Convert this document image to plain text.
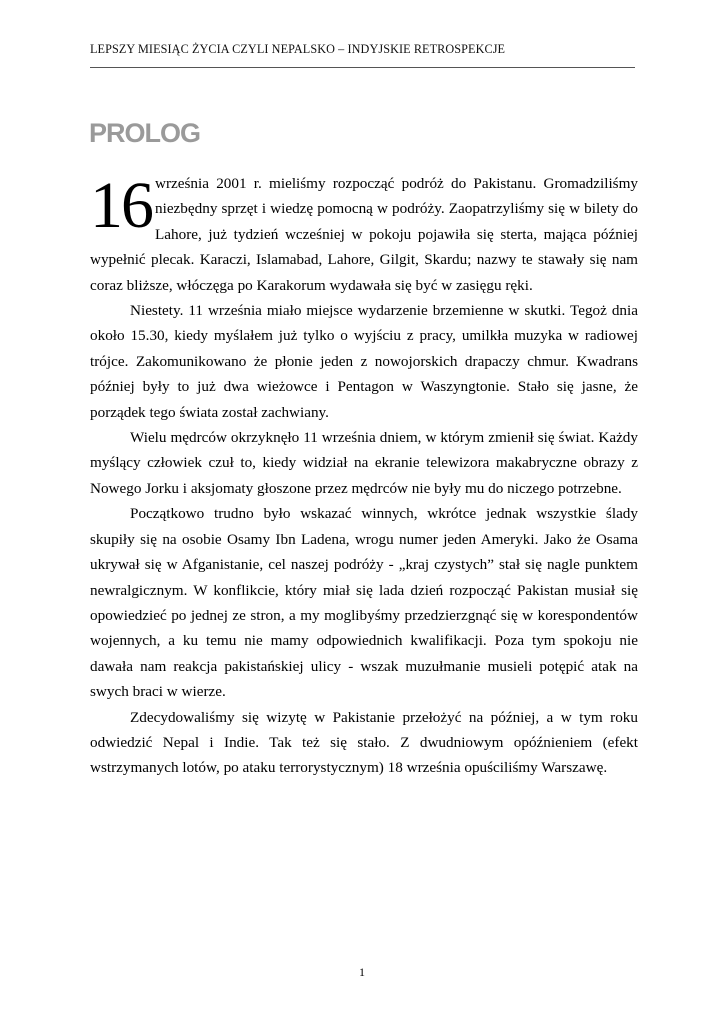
LEPSZY MIESIĄC ŻYCIA CZYLI NEPALSKO – INDYJSKIE RETROSPEKCJE
PROLOG

16 września 2001 r. mieliśmy rozpocząć podróż do Pakistanu. Gromadziliśmy niezbędny sprzęt i wiedzę pomocną w podróży. Zaopatrzyliśmy się w bilety do Lahore, już tydzień wcześniej w pokoju pojawiła się sterta, mająca później wypełnić plecak. Karaczi, Islamabad, Lahore, Gilgit, Skardu; nazwy te stawały się nam coraz bliższe, włóczęga po Karakorum wydawała się być w zasięgu ręki.

Niestety. 11 września miało miejsce wydarzenie brzemienne w skutki. Tegoż dnia około 15.30, kiedy myślałem już tylko o wyjściu z pracy, umilkła muzyka w radiowej trójce. Zakomunikowano że płonie jeden z nowojorskich drapaczy chmur. Kwadrans później były to już dwa wieżowce i Pentagon w Waszyngtonie. Stało się jasne, że porządek tego świata został zachwiany.

Wielu mędrców okrzyknęło 11 września dniem, w którym zmienił się świat. Każdy myślący człowiek czuł to, kiedy widział na ekranie telewizora makabryczne obrazy z Nowego Jorku i aksjomaty głoszone przez mędrców nie były mu do niczego potrzebne.

Początkowo trudno było wskazać winnych, wkrótce jednak wszystkie ślady skupiły się na osobie Osamy Ibn Ladena, wrogu numer jeden Ameryki. Jako że Osama ukrywał się w Afganistanie, cel naszej podróży - „kraj czystych” stał się nagle punktem newralgicznym. W konflikcie, który miał się lada dzień rozpocząć Pakistan musiał się opowiedzieć po jednej ze stron, a my moglibyśmy przedzierzgnąć się w korespondentów wojennych, a ku temu nie mamy odpowiednich kwalifikacji. Poza tym spokoju nie dawała nam reakcja pakistańskiej ulicy - wszak muzułmanie musieli potępić atak na swych braci w wierze.

Zdecydowaliśmy się wizytę w Pakistanie przełożyć na później, a w tym roku odwiedzić Nepal i Indie. Tak też się stało. Z dwudniowym opóźnieniem (efekt wstrzymanych lotów, po ataku terrorystycznym) 18 września opuściliśmy Warszawę.

1
